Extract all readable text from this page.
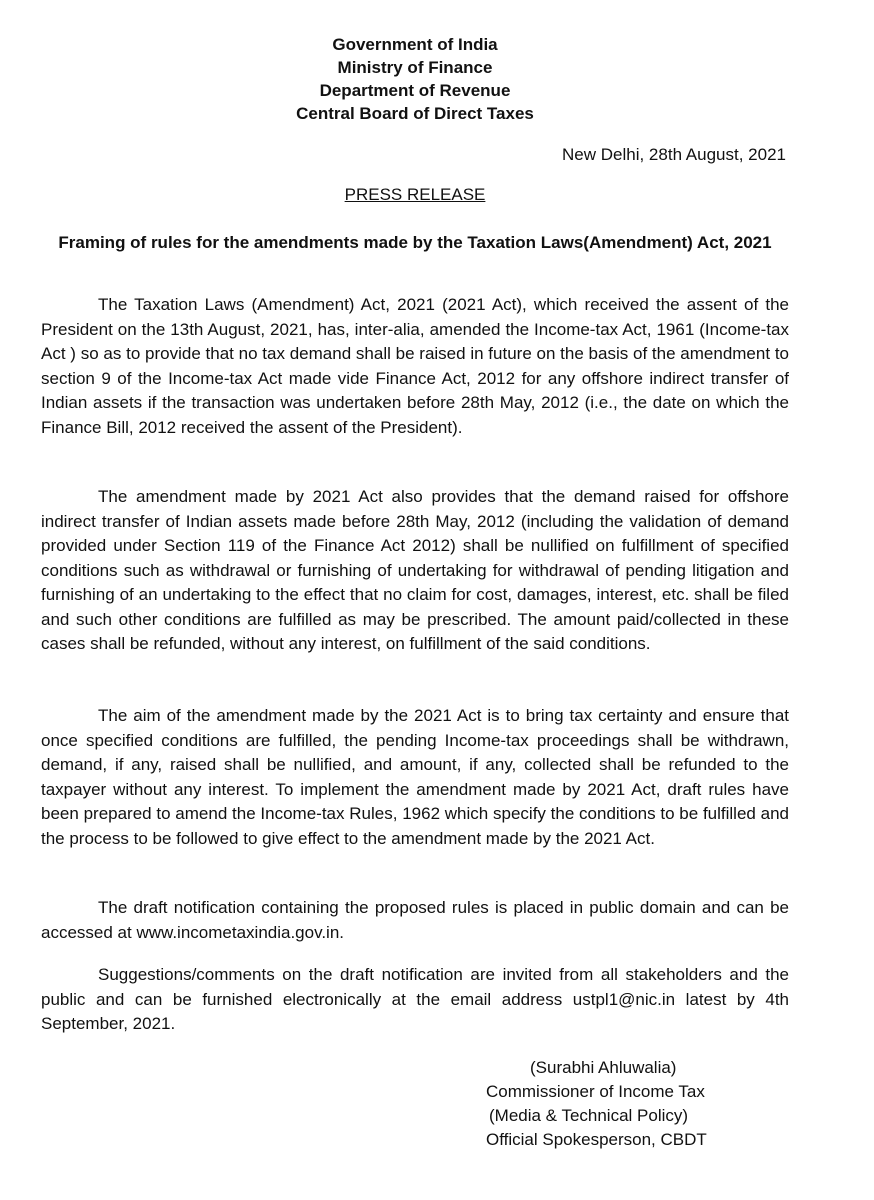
Government of India
Ministry of Finance
Department of Revenue
Central Board of Direct Taxes
New Delhi, 28th August, 2021
PRESS RELEASE
Framing of rules for the amendments made by the Taxation Laws(Amendment) Act, 2021

The Taxation Laws (Amendment) Act, 2021 (2021 Act), which received the assent of the President on the 13th August, 2021, has, inter-alia, amended the Income-tax Act, 1961 (Income-tax Act ) so as to provide that no tax demand shall be raised in future on the basis of the amendment to section 9 of the Income-tax Act made vide Finance Act, 2012 for any offshore indirect transfer of Indian assets if the transaction was undertaken before 28th May, 2012 (i.e., the date on which the Finance Bill, 2012 received the assent of the President).

The amendment made by 2021 Act also provides that the demand raised for offshore indirect transfer of Indian assets made before 28th May, 2012 (including the validation of demand provided under Section 119 of the Finance Act 2012) shall be nullified on fulfillment of specified conditions such as withdrawal or furnishing of undertaking for withdrawal of pending litigation and furnishing of an undertaking to the effect that no claim for cost, damages, interest, etc. shall be filed and such other conditions are fulfilled as may be prescribed. The amount paid/collected in these cases shall be refunded, without any interest, on fulfillment of the said conditions.

The aim of the amendment made by the 2021 Act is to bring tax certainty and ensure that once specified conditions are fulfilled, the pending Income-tax proceedings shall be withdrawn, demand, if any, raised shall be nullified, and amount, if any, collected shall be refunded to the taxpayer without any interest. To implement the amendment made by 2021 Act, draft rules have been prepared to amend the Income-tax Rules, 1962 which specify the conditions to be fulfilled and the process to be followed to give effect to the amendment made by the 2021 Act.

The draft notification containing the proposed rules is placed in public domain and can be accessed at www.incometaxindia.gov.in.

Suggestions/comments on the draft notification are invited from all stakeholders and the public and can be furnished electronically at the email address ustpl1@nic.in latest by 4th September, 2021.

(Surabhi Ahluwalia)
Commissioner of Income Tax
(Media & Technical Policy)
Official Spokesperson, CBDT
